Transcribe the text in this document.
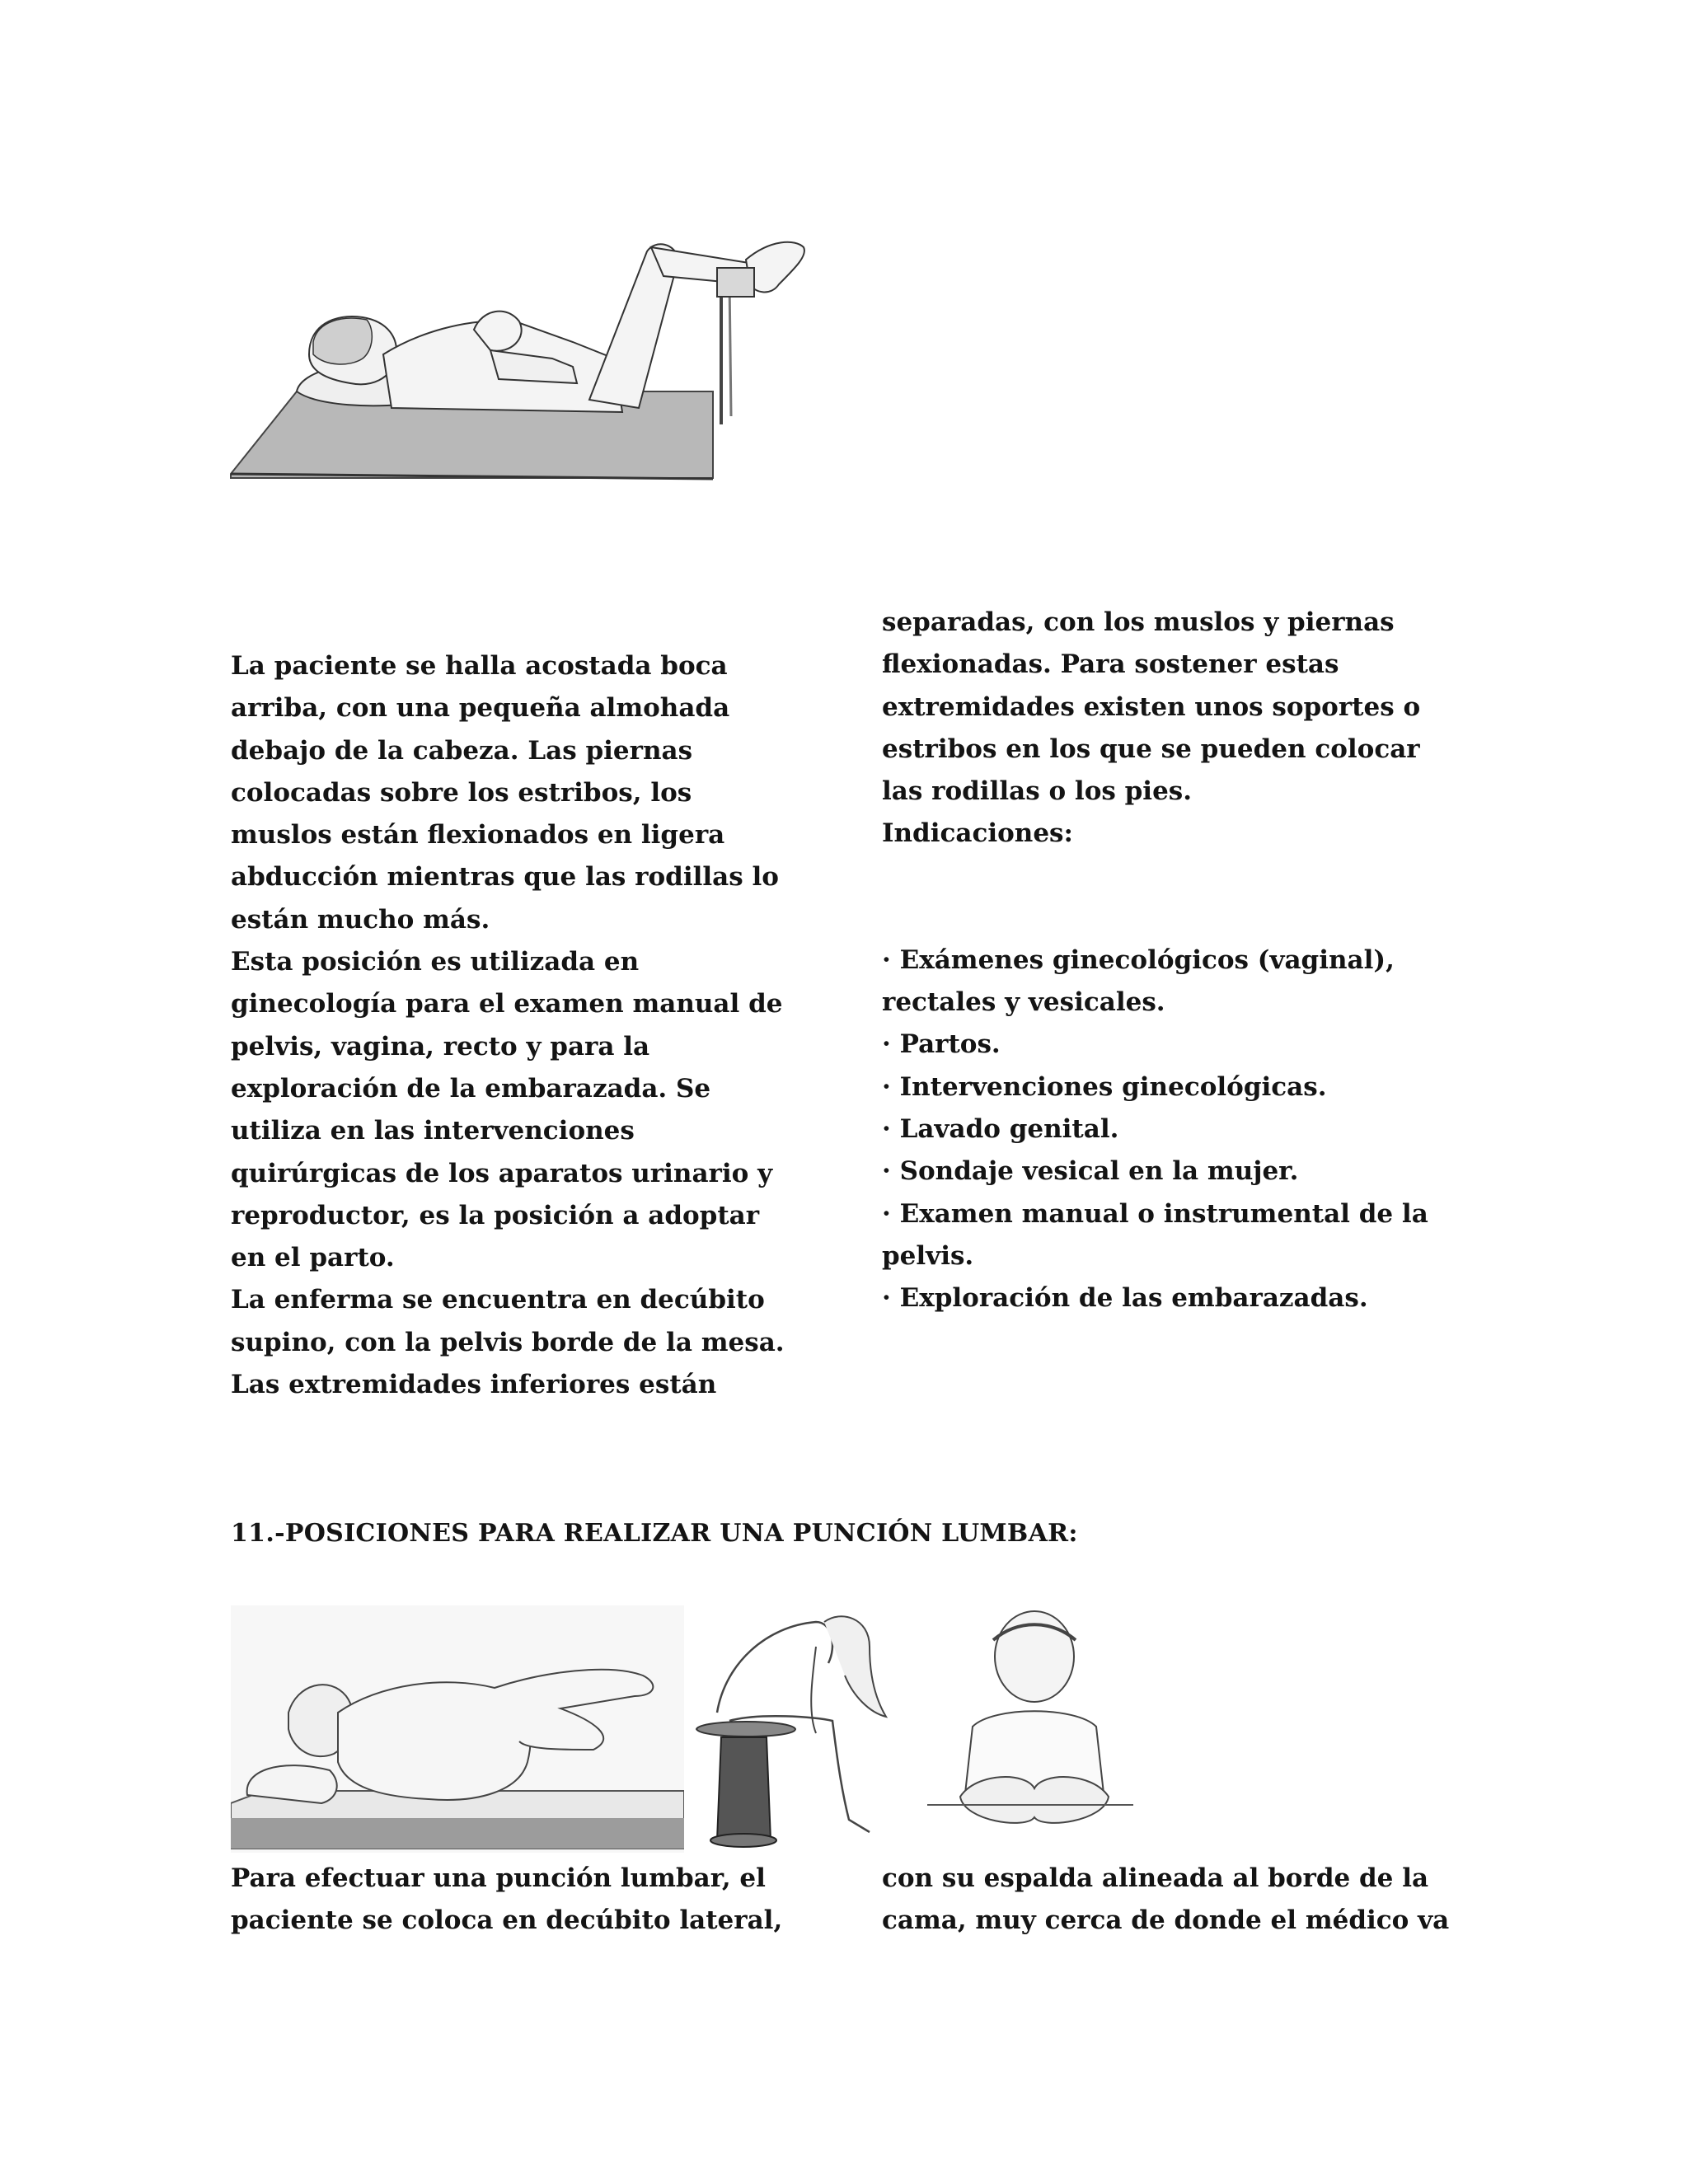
La paciente se halla acostada boca
arriba, con una pequeña almohada
debajo de la cabeza. Las piernas
colocadas sobre los estribos, los
muslos están flexionados en ligera
abducción mientras que las rodillas lo
están mucho más.
Esta posición es utilizada en
ginecología para el examen manual de
pelvis, vagina, recto y para la
exploración de la embarazada. Se
utiliza en las intervenciones
quirúrgicas de los aparatos urinario y
reproductor, es la posición a adoptar
en el parto.
La enferma se encuentra en decúbito
supino, con la pelvis borde de la mesa.
Las extremidades inferiores están
separadas, con los muslos y piernas
flexionadas. Para sostener estas
extremidades existen unos soportes o
estribos en los que se pueden colocar
las rodillas o los pies.
Indicaciones:
· Exámenes ginecológicos (vaginal),
rectales y vesicales.
· Partos.
· Intervenciones ginecológicas.
· Lavado genital.
· Sondaje vesical en la mujer.
· Examen manual o instrumental de la
pelvis.
· Exploración de las embarazadas.
11.-POSICIONES PARA REALIZAR UNA PUNCIÓN LUMBAR:
Para efectuar una punción lumbar, el
paciente se coloca en decúbito lateral,
con su espalda alineada al borde de la
cama, muy cerca de donde el médico va
